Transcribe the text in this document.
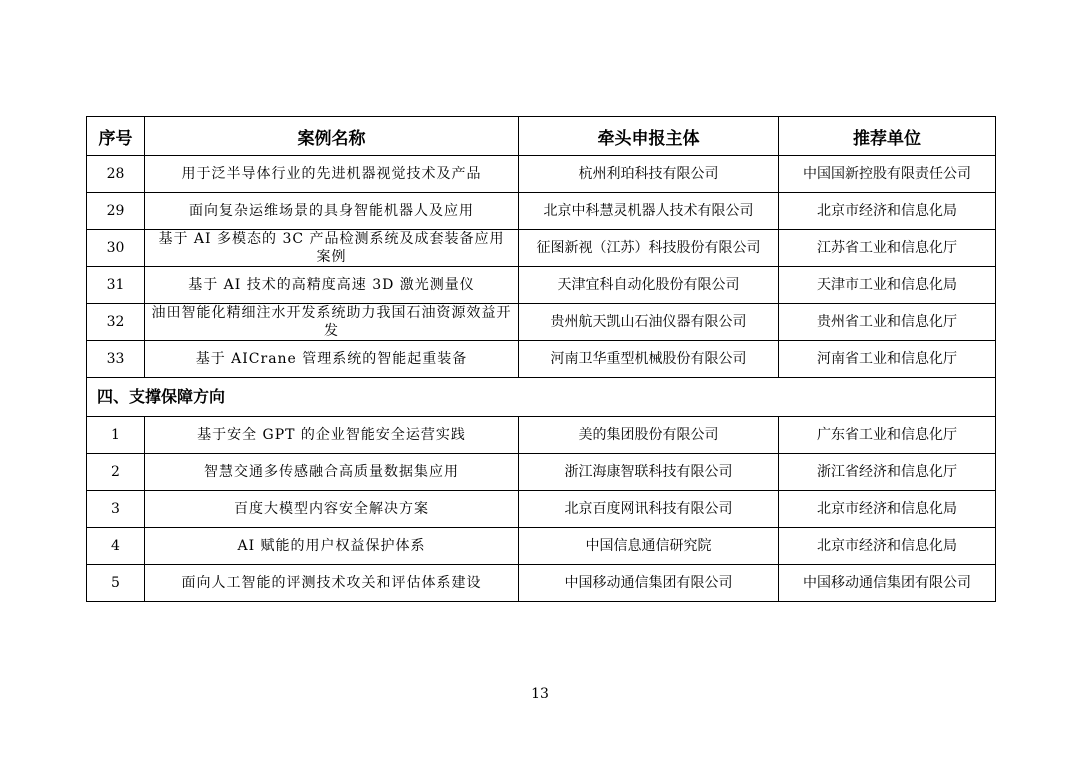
序号	案例名称	牵头申报主体	推荐单位
28	用于泛半导体行业的先进机器视觉技术及产品	杭州利珀科技有限公司	中国国新控股有限责任公司
29	面向复杂运维场景的具身智能机器人及应用	北京中科慧灵机器人技术有限公司	北京市经济和信息化局
30	基于 AI 多模态的 3C 产品检测系统及成套装备应用案例	征图新视（江苏）科技股份有限公司	江苏省工业和信息化厅
31	基于 AI 技术的高精度高速 3D 激光测量仪	天津宜科自动化股份有限公司	天津市工业和信息化局
32	油田智能化精细注水开发系统助力我国石油资源效益开发	贵州航天凯山石油仪器有限公司	贵州省工业和信息化厅
33	基于 AICrane 管理系统的智能起重装备	河南卫华重型机械股份有限公司	河南省工业和信息化厅
四、支撑保障方向			
1	基于安全 GPT 的企业智能安全运营实践	美的集团股份有限公司	广东省工业和信息化厅
2	智慧交通多传感融合高质量数据集应用	浙江海康智联科技有限公司	浙江省经济和信息化厅
3	百度大模型内容安全解决方案	北京百度网讯科技有限公司	北京市经济和信息化局
4	AI 赋能的用户权益保护体系	中国信息通信研究院	北京市经济和信息化局
5	面向人工智能的评测技术攻关和评估体系建设	中国移动通信集团有限公司	中国移动通信集团有限公司
13
